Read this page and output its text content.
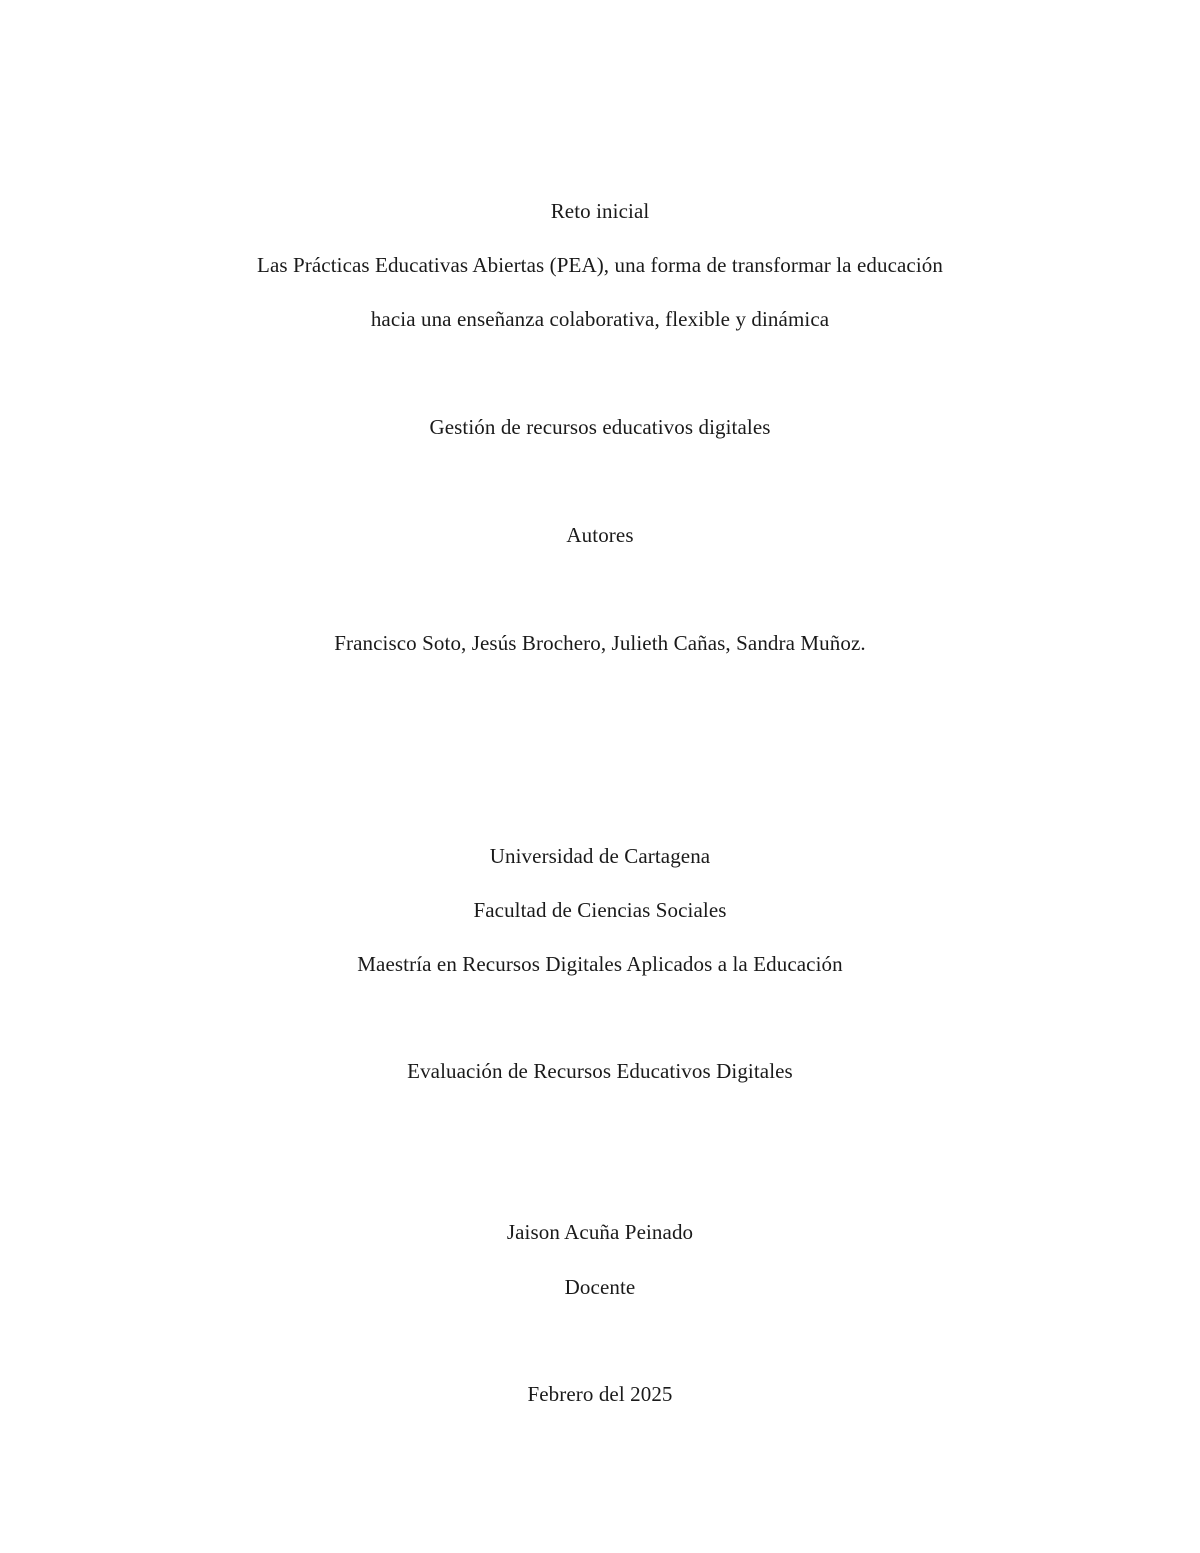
Reto inicial
Las Prácticas Educativas Abiertas (PEA), una forma de transformar la educación
hacia una enseñanza colaborativa, flexible y dinámica
Gestión de recursos educativos digitales
Autores
Francisco Soto, Jesús Brochero, Julieth Cañas, Sandra Muñoz.
Universidad de Cartagena
Facultad de Ciencias Sociales
Maestría en Recursos Digitales Aplicados a la Educación
Evaluación de Recursos Educativos Digitales
Jaison Acuña Peinado
Docente
Febrero del 2025
